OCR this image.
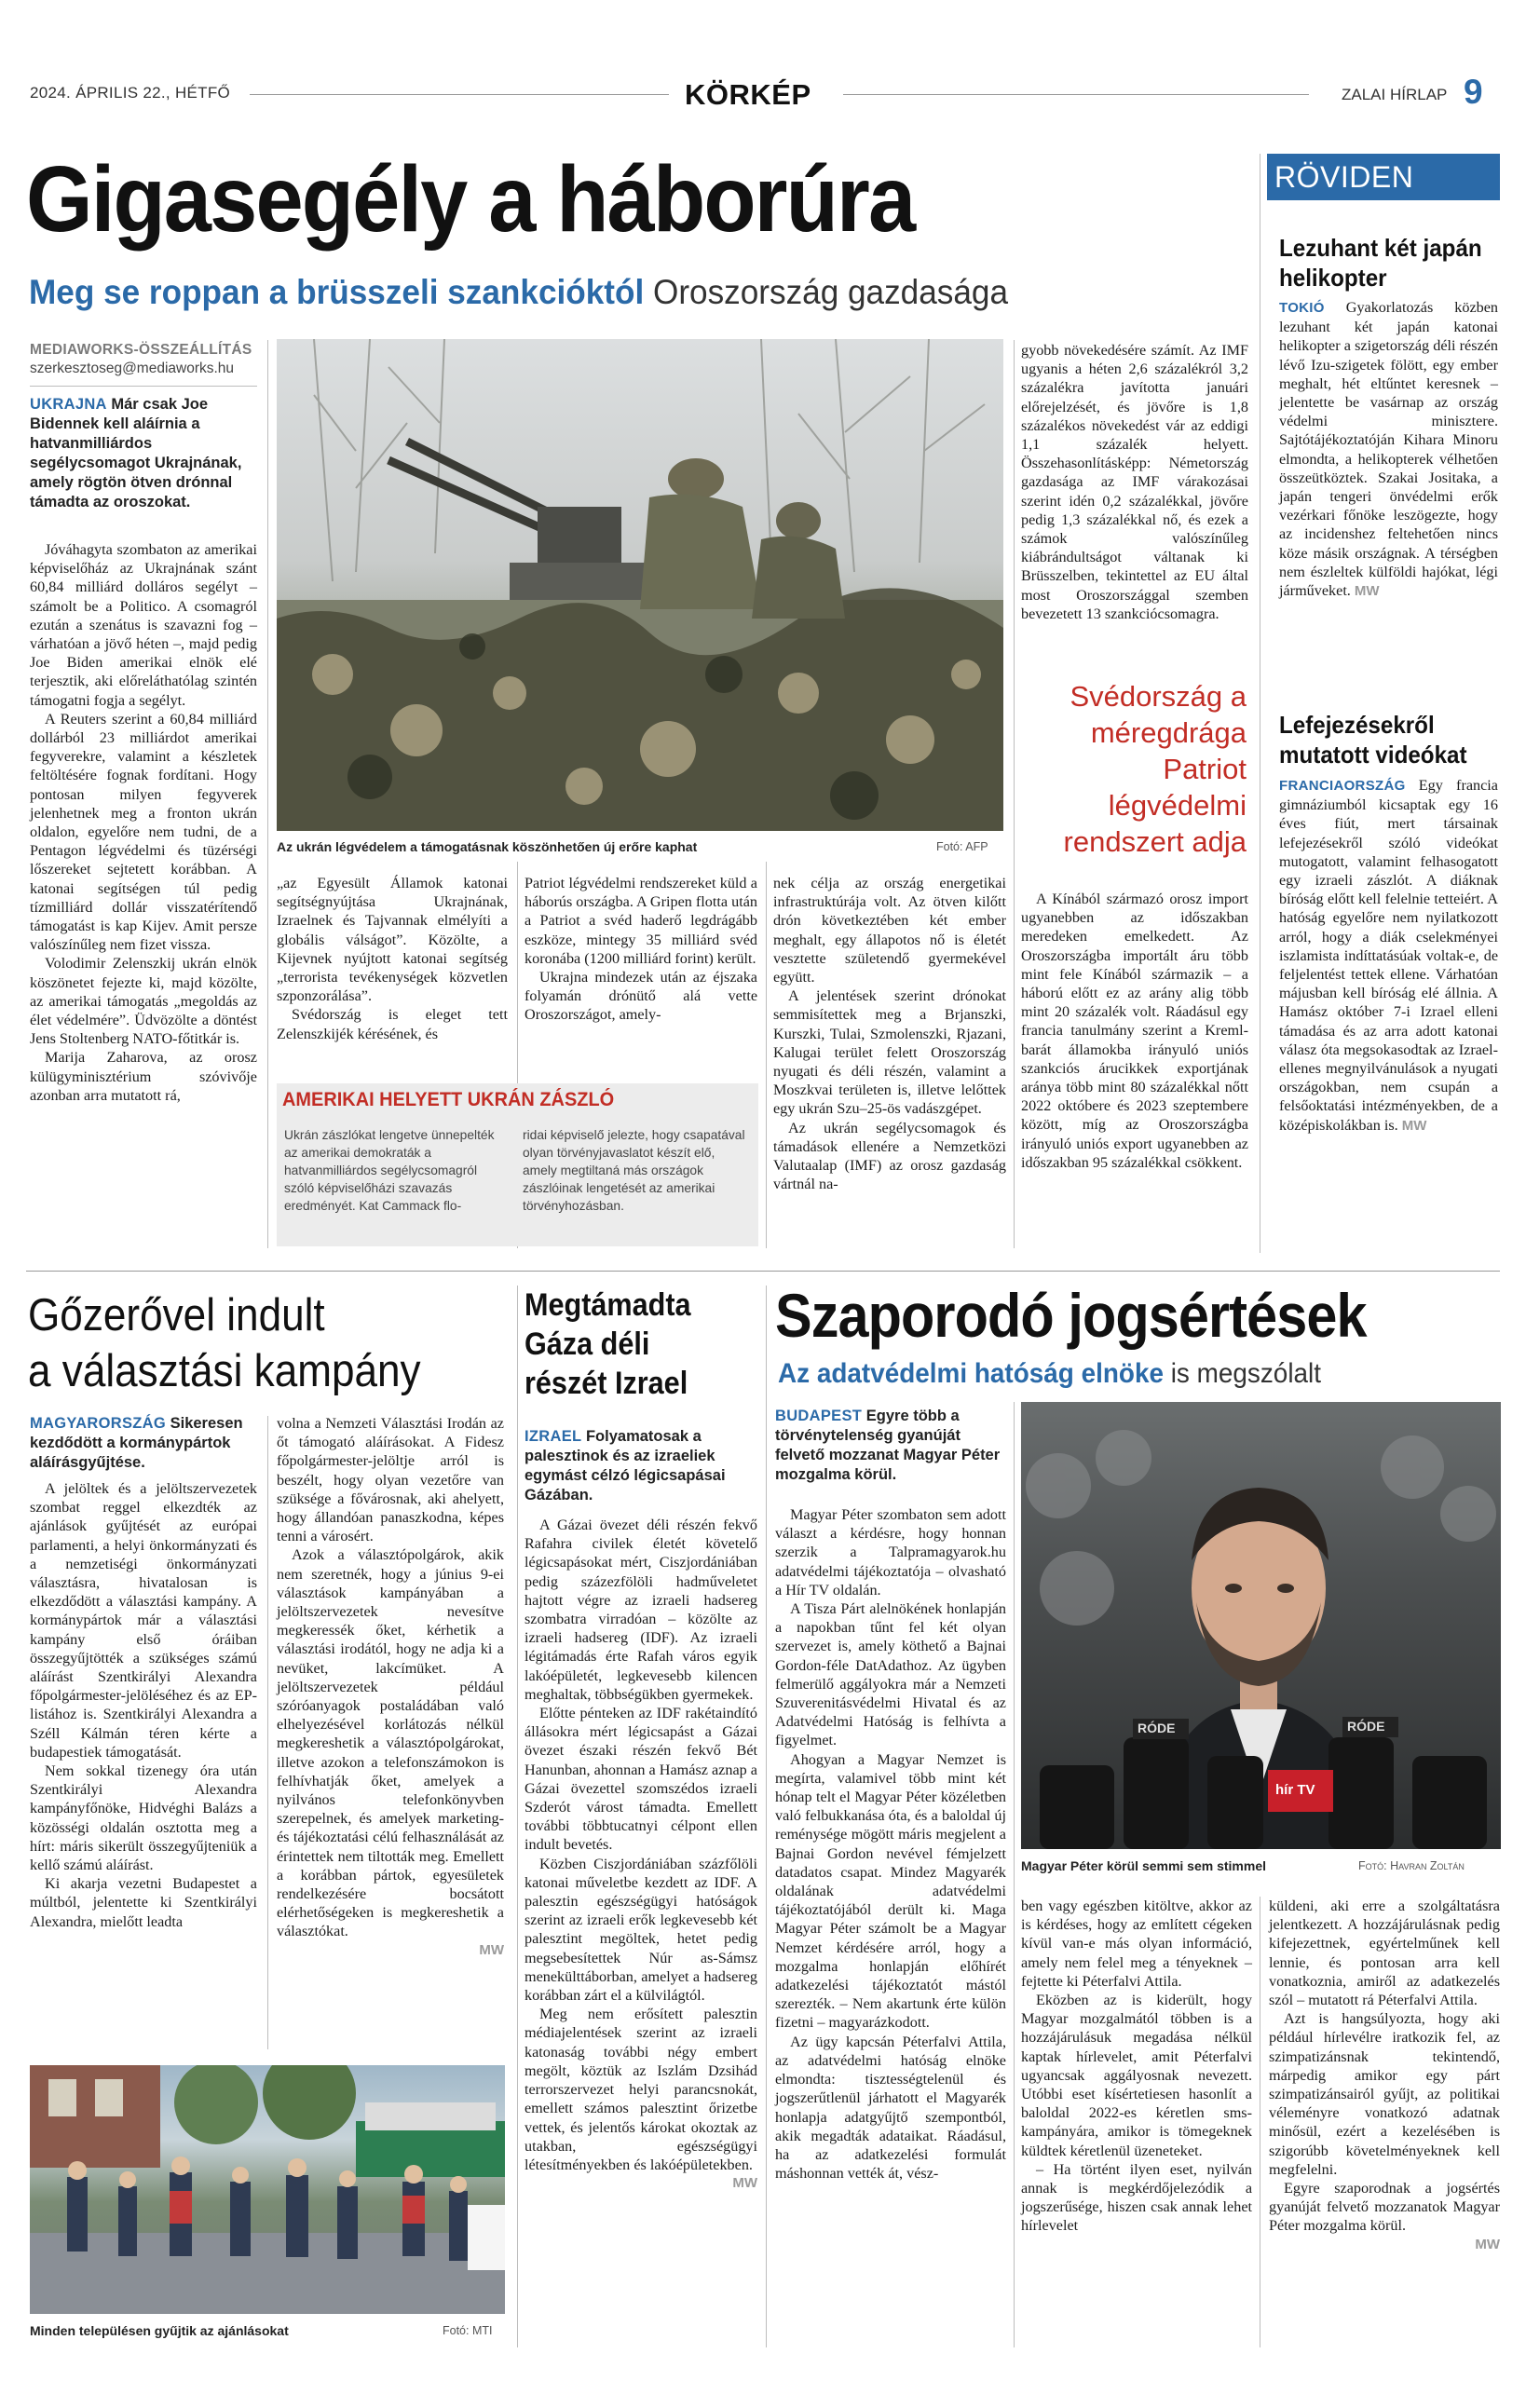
2024. ÁPRILIS 22., HÉTFŐ	KÖRKÉP	ZALAI HÍRLAP 9
Gigasegély a háborúra
Meg se roppan a brüsszeli szankcióktól Oroszország gazdasága
MEDIAWORKS-ÖSSZEÁLLÍTÁS
szerkesztoseg@mediaworks.hu
UKRAJNA Már csak Joe Bidennek kell aláírnia a hatvanmilliárdos segélycsomagot Ukrajnának, amely rögtön ötven drónnal támadta az oroszokat.

Jóváhagyta szombaton az amerikai képviselőház az Ukrajnának szánt 60,84 milliárd dolláros segélyt – számolt be a Politico. A csomagról ezután a szenátus is szavazni fog – várhatóan a jövő héten –, majd pedig Joe Biden amerikai elnök elé terjesztik, aki előreláthatólag szintén támogatni fogja a segélyt.

A Reuters szerint a 60,84 milliárd dollárból 23 milliárdot amerikai fegyverekre, valamint a készletek feltöltésére fognak fordítani. Hogy pontosan milyen fegyverek jelenhetnek meg a fronton ukrán oldalon, egyelőre nem tudni, de a Pentagon légvédelmi és tüzérségi lőszereket sejtetett korábban. A katonai segítségen túl pedig tízmilliárd dollár visszatérítendő támogatást is kap Kijev. Amit persze valószínűleg nem fizet vissza.

Volodimir Zelenszkij ukrán elnök köszönetet fejezte ki, majd közölte, az amerikai támogatás „megoldás az élet védelmére”. Üdvözölte a döntést Jens Stoltenberg NATO-főtitkár is.

Marija Zaharova, az orosz külügyminisztérium szóvivője azonban arra mutatott rá,

Az ukrán légvédelem a támogatásnak köszönhetően új erőre kaphat	Fotó: AFP

„az Egyesült Államok katonai segítségnyújtása Ukrajnának, Izraelnek és Tajvannak elmélyíti a globális válságot”. Közölte, a Kijevnek nyújtott katonai segítség „terrorista tevékenységek közvetlen szponzorálása”.

Svédország is eleget tett Zelenszkijék kérésének, és

Patriot légvédelmi rendszereket küld a háborús országba. A Gripen flotta után a Patriot a svéd haderő legdrágább eszköze, mintegy 35 milliárd svéd koronába (1200 milliárd forint) került.

Ukrajna mindezek után az éjszaka folyamán drónütő alá vette Oroszországot, amely-

nek célja az ország energetikai infrastruktúrája volt. Az ötven kilőtt drón következtében két ember meghalt, egy állapotos nő is életét vesztette születendő gyermekével együtt.

A jelentések szerint drónokat semmisítettek meg a Brjanszki, Kurszki, Tulai, Szmolenszki, Rjazani, Kalugai terület felett Oroszország nyugati és déli részén, valamint a Moszkvai területen is, illetve lelőttek egy ukrán Szu–25-ös vadászgépet.

Az ukrán segélycsomagok és támadások ellenére a Nemzetközi Valutaalap (IMF) az orosz gazdaság vártnál na-

AMERIKAI HELYETT UKRÁN ZÁSZLÓ
Ukrán zászlókat lengetve ünnepelték az amerikai demokraták a hatvanmilliárdos segélycsomagról szóló képviselőházi szavazás eredményét. Kat Cammack flo-
ridai képviselő jelezte, hogy csapatával olyan törvényjavaslatot készít elő, amely megtiltaná más országok zászlóinak lengetését az amerikai törvényhozásban.

gyobb növekedésére számít. Az IMF ugyanis a héten 2,6 százalékról 3,2 százalékra javította januári előrejelzését, és jövőre is 1,8 százalékos növekedést vár az eddigi 1,1 százalék helyett. Összehasonlításképp: Németország gazdasága az IMF várakozásai szerint idén 0,2 százalékkal, jövőre pedig 1,3 százalékkal nő, és ezek a számok valószínűleg kiábrándultságot váltanak ki Brüsszelben, tekintettel az EU által most Oroszországgal szemben bevezetett 13 szankciócsomagra.

Svédország a méregdrága Patriot légvédelmi rendszert adja

A Kínából származó orosz import ugyanebben az időszakban meredeken emelkedett. Az Oroszországba importált áru több mint fele Kínából származik – a háború előtt ez az arány alig több mint 20 százalék volt. Ráadásul egy francia tanulmány szerint a Kreml-barát államokba irányuló uniós szankciós árucikkek exportjának aránya több mint 80 százalékkal nőtt 2022 októbere és 2023 szeptembere között, míg az Oroszországba irányuló uniós export ugyanebben az időszakban 95 százalékkal csökkent.

RÖVIDEN
Lezuhant két japán helikopter
TOKIÓ Gyakorlatozás közben lezuhant két japán katonai helikopter a szigetország déli részén lévő Izu-szigetek fölött, egy ember meghalt, hét eltűntet keresnek – jelentette be vasárnap az ország védelmi minisztere. Sajtótájékoztatóján Kihara Minoru elmondta, a helikopterek vélhetően összeütköztek. Szakai Jositaka, a japán tengeri önvédelmi erők vezérkari főnöke leszögezte, hogy az incidenshez feltehetően nincs köze másik országnak. A térségben nem észleltek külföldi hajókat, légi járműveket. MW
Lefejezésekről mutatott videókat
FRANCIAORSZÁG Egy francia gimnáziumból kicsaptak egy 16 éves fiút, mert társainak lefejezésekről szóló videókat mutogatott, valamint felhasogatott egy izraeli zászlót. A diáknak bíróság előtt kell felelnie tetteiért. A hatóság egyelőre nem nyilatkozott arról, hogy a diák cselekményei iszlamista indíttatásúak voltak-e, de feljelentést tettek ellene. Várhatóan májusban kell bíróság elé állnia. A Hamász október 7-i Izrael elleni támadása és az arra adott katonai válasz óta megsokasodtak az Izrael-ellenes megnyilvánulások a nyugati országokban, nem csupán a felsőoktatási intézményekben, de a középiskolákban is. MW
Gőzerővel indult
a választási kampány
MAGYARORSZÁG Sikeresen kezdődött a kormánypártok aláírásgyűjtése.

A jelöltek és a jelöltszervezetek szombat reggel elkezdték az ajánlások gyűjtését az európai parlamenti, a helyi önkormányzati és a nemzetiségi önkormányzati választásra, hivatalosan is elkezdődött a választási kampány. A kormánypártok már a választási kampány első óráiban összegyűjtötték a szükséges számú aláírást Szentkirályi Alexandra főpolgármester-jelöléséhez és az EP-listához is. Szentkirályi Alexandra a Széll Kálmán téren kérte a budapestiek támogatását.

Nem sokkal tizenegy óra után Szentkirályi Alexandra kampányfőnöke, Hidvéghi Balázs a közösségi oldalán osztotta meg a hírt: máris sikerült összegyűjteniük a kellő számú aláírást.

Ki akarja vezetni Budapestet a múltból, jelentette ki Szentkirályi Alexandra, mielőtt leadta

volna a Nemzeti Választási Irodán az őt támogató aláírásokat. A Fidesz főpolgármester-jelöltje arról is beszélt, hogy olyan vezetőre van szüksége a fővárosnak, aki ahelyett, hogy állandóan panaszkodna, képes tenni a városért.

Azok a választópolgárok, akik nem szeretnék, hogy a június 9-ei választások kampányában a jelöltszervezetek nevesítve megkeressék őket, kérhetik a választási irodától, hogy ne adja ki a nevüket, lakcímüket. A jelöltszervezetek például szóróanyagok postaládában való elhelyezésével korlátozás nélkül megkereshetik a választópolgárokat, illetve azokon a telefonszámokon is felhívhatják őket, amelyek a nyilvános telefonkönyvben szerepelnek, és amelyek marketing- és tájékoztatási célú felhasználását az érintettek nem tiltották meg. Emellett a korábban pártok, egyesületek rendelkezésére bocsátott elérhetőségeken is megkereshetik a választókat.

MW
Minden településen gyűjtik az ajánlásokat	Fotó: MTI
Megtámadta
Gáza déli
részét Izrael
IZRAEL Folyamatosak a palesztinok és az izraeliek egymást célzó légicsapásai Gázában.

A Gázai övezet déli részén fekvő Rafahra civilek életét követelő légicsapásokat mért, Ciszjordániában pedig százezfölöli hadműveletet hajtott végre az izraeli hadsereg szombatra virradóan – közölte az izraeli hadsereg (IDF). Az izraeli légitámadás érte Rafah város egyik lakóépületét, legkevesebb kilencen meghaltak, többségükben gyermekek.

Előtte pénteken az IDF rakétaindító állásokra mért légicsapást a Gázai övezet északi részén fekvő Bét Hanunban, ahonnan a Hamász aznap a Gázai övezettel szomszédos izraeli Szderót várost támadta. Emellett további többtucatnyi célpont ellen indult bevetés.

Közben Ciszjordániában százfőlöli katonai műveletbe kezdett az IDF. A palesztin egészségügyi hatóságok szerint az izraeli erők legkevesebb két palesztint megöltek, hetet pedig megsebesítettek Núr as-Sámsz menekülttáborban, amelyet a hadsereg korábban zárt el a külvilágtól.

Meg nem erősített palesztin médiajelentések szerint az izraeli katonaság további négy embert megölt, köztük az Iszlám Dzsihád terrorszervezet helyi parancsnokát, emellett számos palesztint őrizetbe vettek, és jelentős károkat okoztak az utakban, egészségügyi létesítményekben és lakóépületekben.

MW
Szaporodó jogsértések
Az adatvédelmi hatóság elnöke is megszólalt
BUDAPEST Egyre több a törvénytelenség gyanúját felvető mozzanat Magyar Péter mozgalma körül.

Magyar Péter szombaton sem adott választ a kérdésre, hogy honnan szerzik a Talpramagyarok.hu adatvédelmi tájékoztatója – olvasható a Hír TV oldalán.

A Tisza Párt alelnökének honlapján a napokban tűnt fel két olyan szervezet is, amely köthető a Bajnai Gordon-féle DatAdathoz. Az ügyben felmerülő aggályokra már a Nemzeti Szuverenitásvédelmi Hivatal és az Adatvédelmi Hatóság is felhívta a figyelmet.

Ahogyan a Magyar Nemzet is megírta, valamivel több mint két hónap telt el Magyar Péter közéletben való felbukkanása óta, és a baloldal új reménysége mögött máris megjelent a Bajnai Gordon nevével fémjelzett datadatos csapat. Mindez Magyarék oldalának adatvédelmi tájékoztatójából derült ki. Maga Magyar Péter számolt be a Magyar Nemzet kérdésére arról, hogy a mozgalma honlapján előhírét adatkezelési tájékoztatót mástól szerezték. – Nem akartunk érte külön fizetni – magyarázkodott.

Az ügy kapcsán Péterfalvi Attila, az adatvédelmi hatóság elnöke elmondta: tisztességtelenül és jogszerűtlenül járhatott el Magyarék honlapja adatgyűjtő szempontból, akik megadták adataikat. Ráadásul, ha az adatkezelési formulát máshonnan vették át, vész-

RÓDE
hír TV
RÓDE
Magyar Péter körül semmi sem stimmel	Fotó: Havran Zoltán

ben vagy egészben kitöltve, akkor az is kérdéses, hogy az említett cégeken kívül van-e más olyan információ, amely nem felel meg a tényeknek – fejtette ki Péterfalvi Attila.

Eközben az is kiderült, hogy Magyar mozgalmától többen is a hozzájárulásuk megadása nélkül kaptak hírlevelet, amit Péterfalvi ugyancsak aggályosnak nevezett. Utóbbi eset kísértetiesen hasonlít a baloldal 2022-es kéretlen sms-kampányára, amikor is tömegeknek küldtek kéretlenül üzeneteket.

– Ha történt ilyen eset, nyilván annak is megkérdőjelezódik a jogszerűsége, hiszen csak annak lehet hírlevelet

küldeni, aki erre a szolgáltatásra jelentkezett. A hozzájárulásnak pedig kifejezettnek, egyértelműnek kell lennie, és pontosan arra kell vonatkoznia, amiről az adatkezelés szól – mutatott rá Péterfalvi Attila.

Azt is hangsúlyozta, hogy aki például hírlevélre iratkozik fel, az szimpatizánsnak tekintendő, márpedig amikor egy párt szimpatizánsairól gyűjt, az politikai véleményre vonatkozó adatnak minősül, ezért a kezelésében is szigorúbb követelményeknek kell megfelelni.

Egyre szaporodnak a jogsértés gyanúját felvető mozzanatok Magyar Péter mozgalma körül.

MW
